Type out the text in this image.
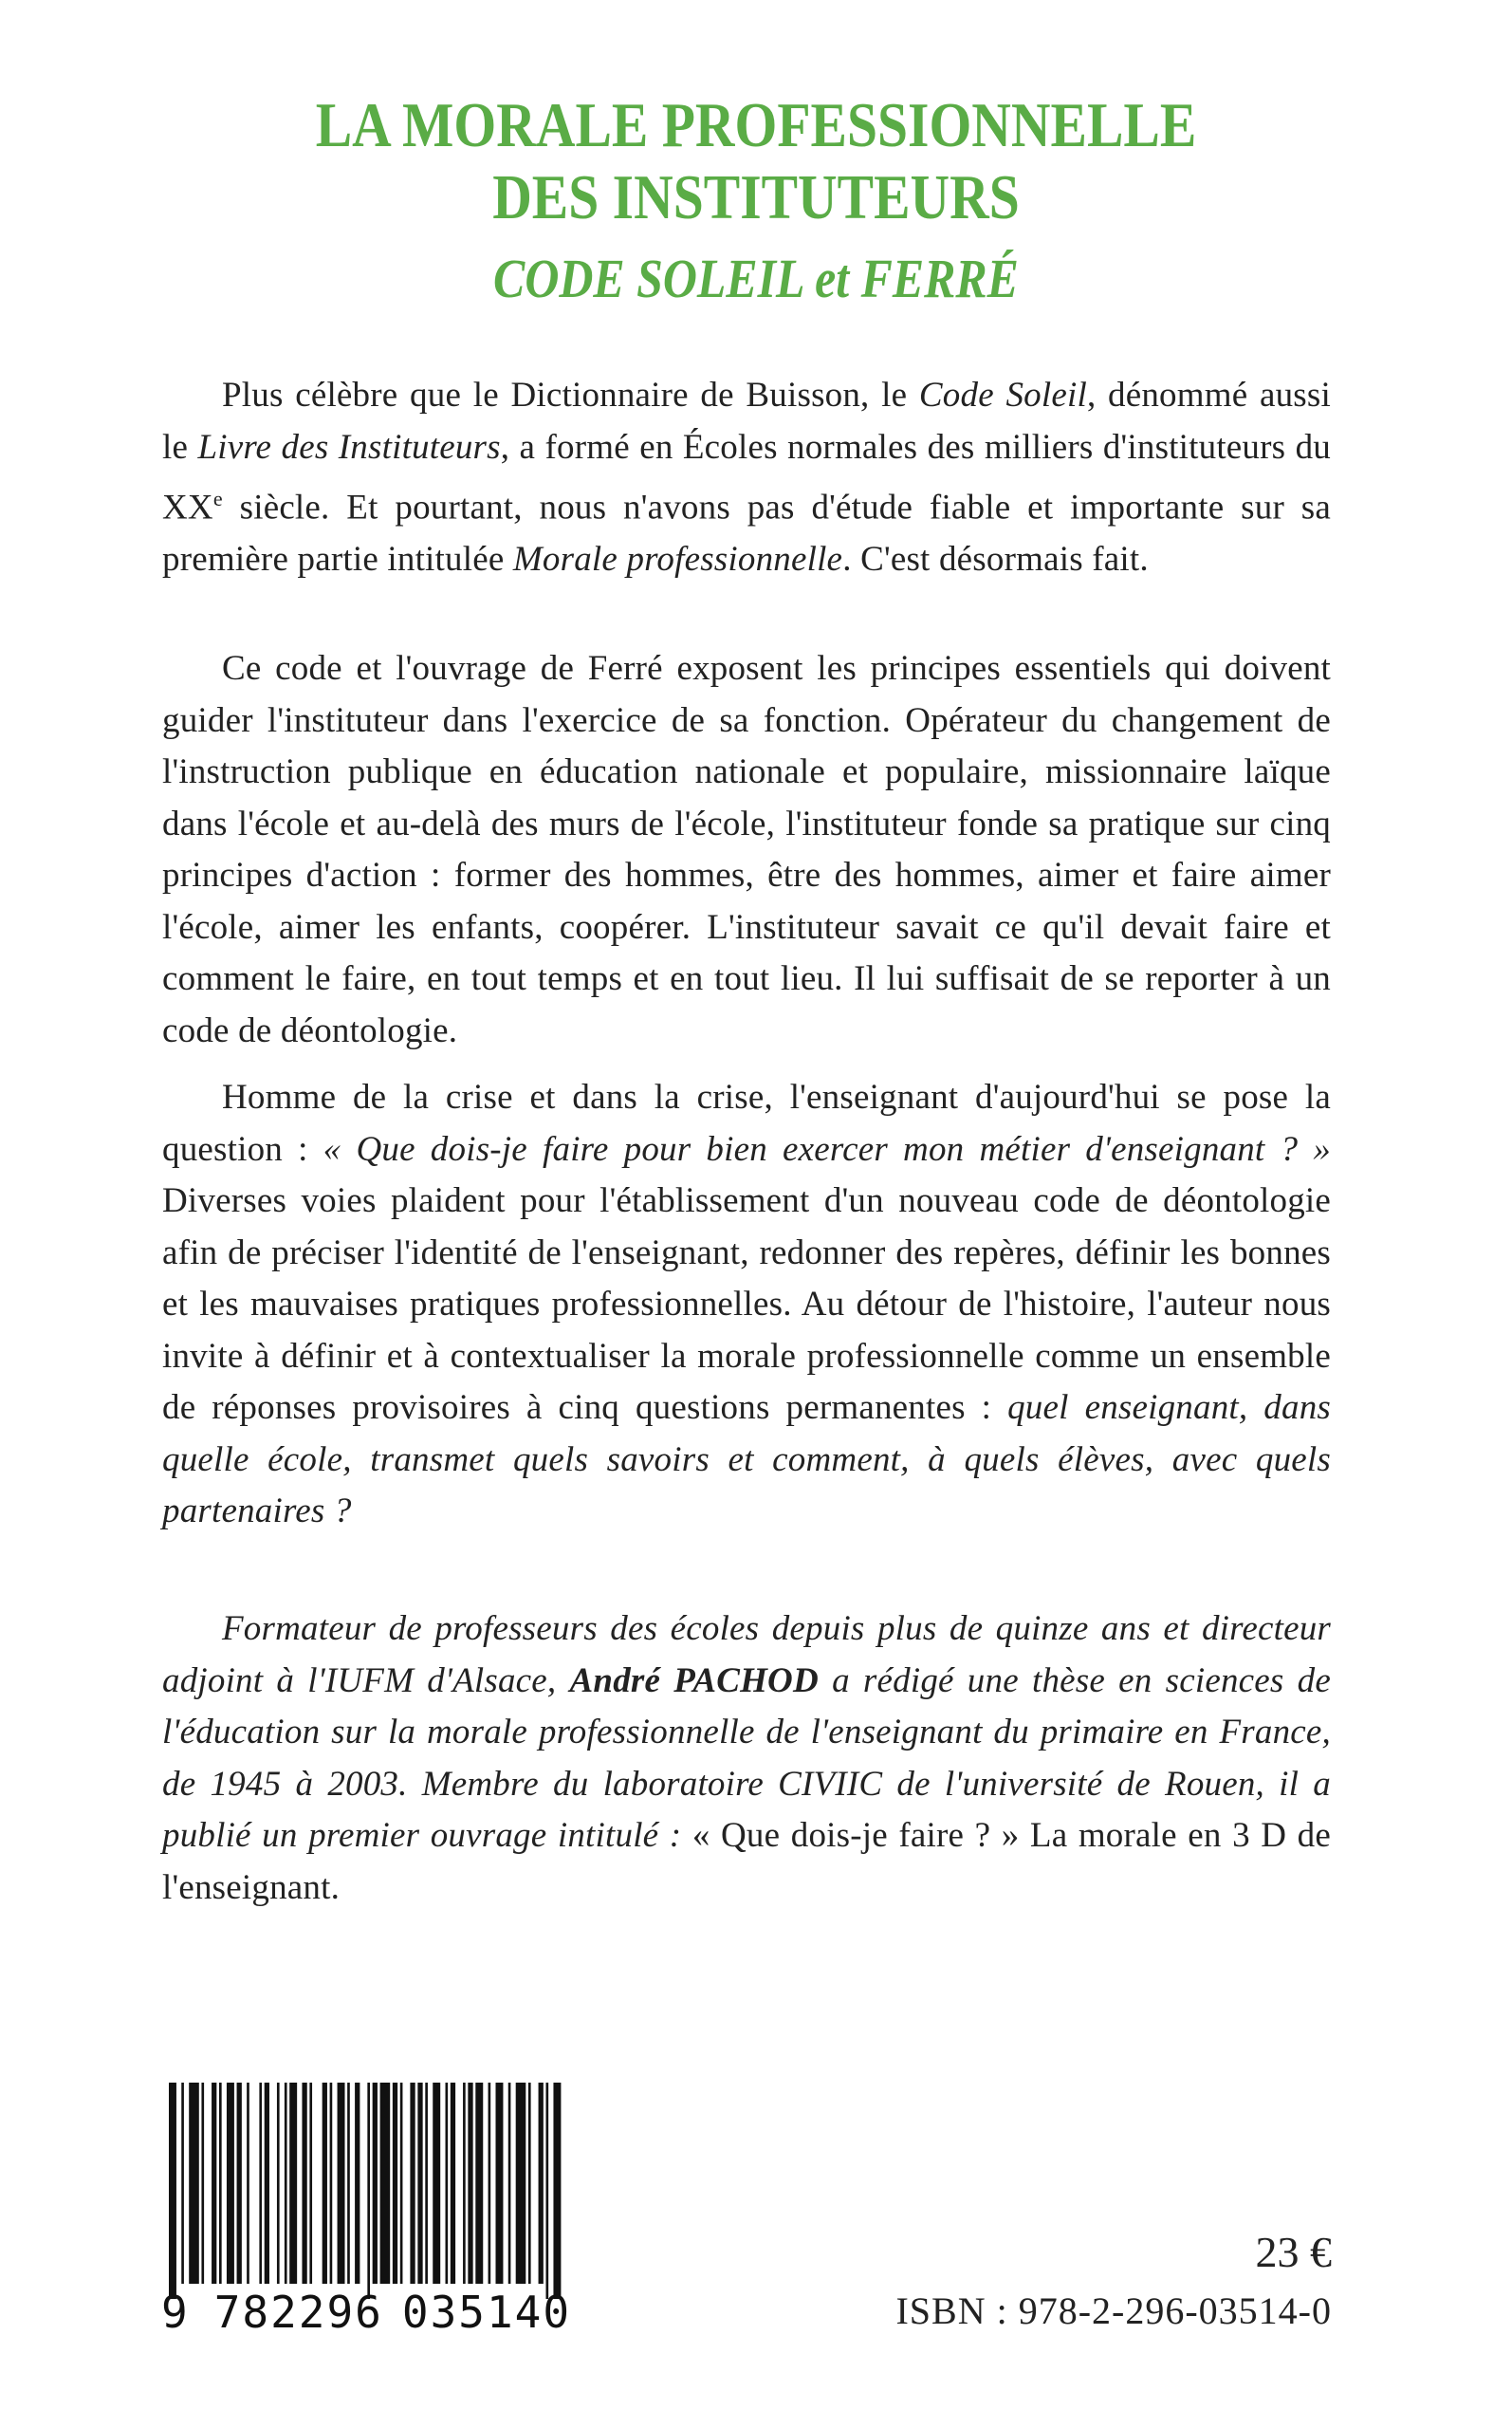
LA MORALE PROFESSIONNELLE
DES INSTITUTEURS
CODE SOLEIL et FERRÉ

Plus célèbre que le Dictionnaire de Buisson, le Code Soleil, dénommé aussi le Livre des Instituteurs, a formé en Écoles normales des milliers d'instituteurs du XXe siècle. Et pourtant, nous n'avons pas d'étude fiable et importante sur sa première partie intitulée Morale professionnelle. C'est désormais fait.

Ce code et l'ouvrage de Ferré exposent les principes essentiels qui doivent guider l'instituteur dans l'exercice de sa fonction. Opérateur du changement de l'instruction publique en éducation nationale et populaire, missionnaire laïque dans l'école et au-delà des murs de l'école, l'instituteur fonde sa pratique sur cinq principes d'action : former des hommes, être des hommes, aimer et faire aimer l'école, aimer les enfants, coopérer. L'instituteur savait ce qu'il devait faire et comment le faire, en tout temps et en tout lieu. Il lui suffisait de se reporter à un code de déontologie.

Homme de la crise et dans la crise, l'enseignant d'aujourd'hui se pose la question : « Que dois-je faire pour bien exercer mon métier d'enseignant ? » Diverses voies plaident pour l'établissement d'un nouveau code de déontologie afin de préciser l'identité de l'enseignant, redonner des repères, définir les bonnes et les mauvaises pratiques professionnelles. Au détour de l'histoire, l'auteur nous invite à définir et à contextualiser la morale professionnelle comme un ensemble de réponses provisoires à cinq questions permanentes : quel enseignant, dans quelle école, transmet quels savoirs et comment, à quels élèves, avec quels partenaires ?

Formateur de professeurs des écoles depuis plus de quinze ans et directeur adjoint à l'IUFM d'Alsace, André PACHOD a rédigé une thèse en sciences de l'éducation sur la morale professionnelle de l'enseignant du primaire en France, de 1945 à 2003. Membre du laboratoire CIVIIC de l'université de Rouen, il a publié un premier ouvrage intitulé : « Que dois-je faire ? » La morale en 3 D de l'enseignant.

9 782296 035140
23 €
ISBN : 978-2-296-03514-0
